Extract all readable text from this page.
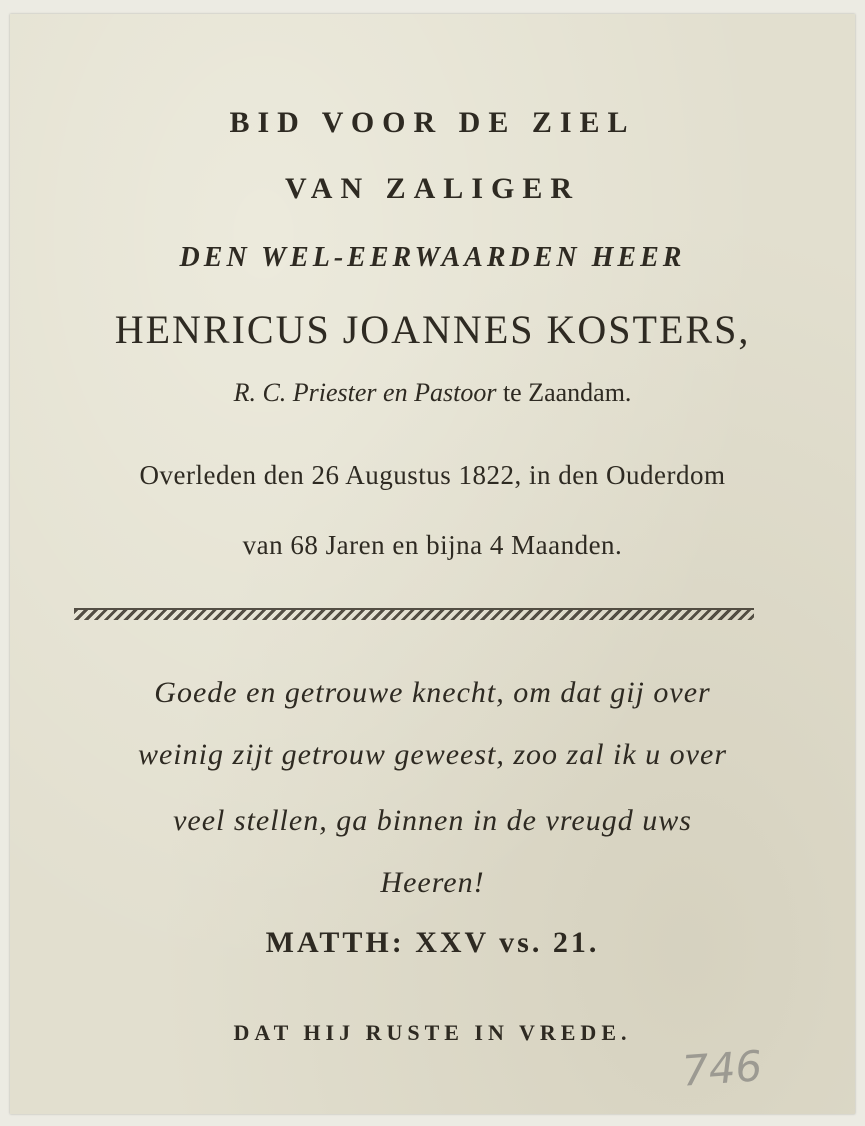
BID VOOR DE ZIEL
VAN ZALIGER
DEN WEL-EERWAARDEN HEER
HENRICUS JOANNES KOSTERS,
R. C. Priester en Pastoor te Zaandam.
Overleden den 26 Augustus 1822, in den Ouderdom
van 68 Jaren en bijna 4 Maanden.
Goede en getrouwe knecht, om dat gij over
weinig zijt getrouw geweest, zoo zal ik u over
veel stellen, ga binnen in de vreugd uws
Heeren!
MATTH: XXV vs. 21.
DAT HIJ RUSTE IN VREDE.
746
